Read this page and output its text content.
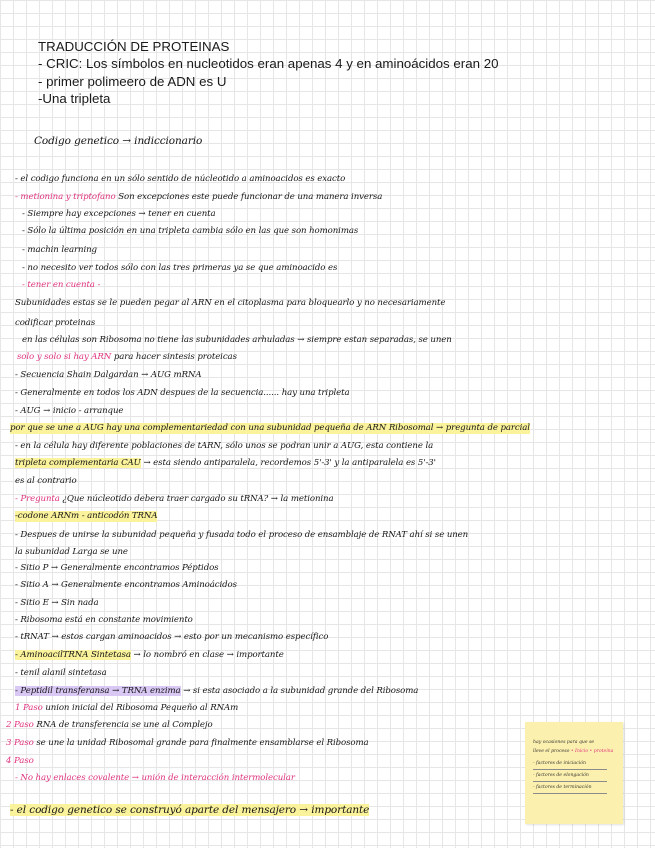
TRADUCCIÓN DE PROTEINAS
- CRIC: Los símbolos en nucleotidos eran apenas 4 y en aminoácidos eran 20
- primer polimeero de ADN es U
-Una tripleta
Codigo genetico → indiccionario
- el codigo funciona en un sólo sentido de núcleotido a aminoacidos es exacto
- metionina y triptofano Son excepciones este puede funcionar de una manera inversa
- Siempre hay excepciones → tener en cuenta
- Sólo la última posición en una tripleta cambia sólo en las que son homonimas
- machin learning
- no necesito ver todos sólo con las tres primeras ya se que aminoacido es
- tener en cuenta -
Subunidades estas se le pueden pegar al ARN en el citoplasma para bloquearlo y no necesariamente
codificar proteinas
en las células son Ribosoma no tiene las subunidades arhuladas → siempre estan separadas, se unen
solo y solo si hay ARN para hacer sintesis proteicas
- Secuencia Shain Dalgardan → AUG mRNA
- Generalmente en todos los ADN despues de la secuencia...... hay una tripleta
- AUG → inicio - arranque
por que se une a AUG hay una complementariedad con una subunidad pequeña de ARN Ribosomal → pregunta de parcial
- en la célula hay diferente poblaciones de tARN, sólo unos se podran unir a AUG, esta contiene la
tripleta complementaria CAU → esta siendo antiparalela, recordemos 5'-3' y la antiparalela es 5'-3'
es al contrario
- Pregunta ¿Que núcleotido debera traer cargado su tRNA? → la metionina
-codone ARNm - anticodón TRNA
- Despues de unirse la subunidad pequeña y fusada todo el proceso de ensamblaje de RNAT ahí si se unen
la subunidad Larga se une
- Sitio P → Generalmente encontramos Péptidos
- Sitio A → Generalmente encontramos Aminoácidos
- Sitio E → Sin nada
- Ribosoma está en constante movimiento
- tRNAT → estos cargan aminoacidos → esto por un mecanismo específico
- AminoacilTRNA Sintetasa → lo nombró en clase → importante
- tenil alanil sintetasa
- Peptidil transferansa → TRNA enzima → si esta asociado a la subunidad grande del Ribosoma
1 Paso union inicial del Ribosoma Pequeño al RNAm
2 Paso RNA de transferencia se une al Complejo
3 Paso se une la unidad Ribosomal grande para finalmente ensamblarse el Ribosoma
4 Paso
- No hay enlaces covalente → unión de interacción intermolecular
- el codigo genetico se construyó aparte del mensajero → importante
hay ocasiones para que se
lleve el proceso • Inicio • proteína
- factores de iniciación
- factores de elongación
- factores de terminación
